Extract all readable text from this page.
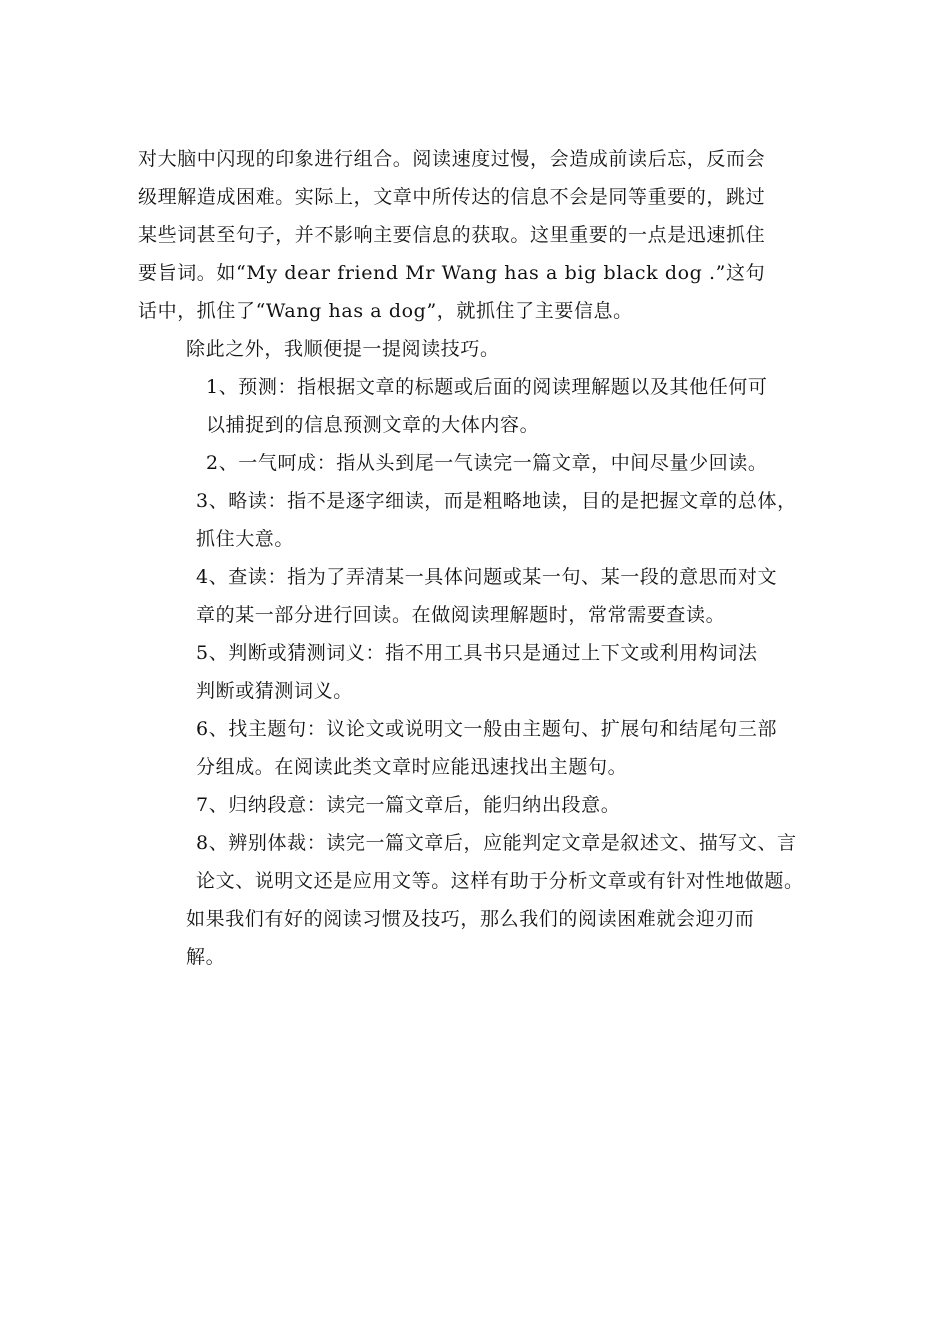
对大脑中闪现的印象进行组合。阅读速度过慢，会造成前读后忘，反而会
级理解造成困难。实际上，文章中所传达的信息不会是同等重要的，跳过
某些词甚至句子，并不影响主要信息的获取。这里重要的一点是迅速抓住
要旨词。如“My dear friend Mr Wang has a big black dog .”这句
话中，抓住了“Wang has a dog”，就抓住了主要信息。

除此之外，我顺便提一提阅读技巧。

1、预测：指根据文章的标题或后面的阅读理解题以及其他任何可
以捕捉到的信息预测文章的大体内容。

2、一气呵成：指从头到尾一气读完一篇文章，中间尽量少回读。

3、略读：指不是逐字细读，而是粗略地读，目的是把握文章的总体，
抓住大意。

4、查读：指为了弄清某一具体问题或某一句、某一段的意思而对文
章的某一部分进行回读。在做阅读理解题时，常常需要查读。

5、判断或猜测词义：指不用工具书只是通过上下文或利用构词法
判断或猜测词义。

6、找主题句：议论文或说明文一般由主题句、扩展句和结尾句三部
分组成。在阅读此类文章时应能迅速找出主题句。

7、归纳段意：读完一篇文章后，能归纳出段意。

8、辨别体裁：读完一篇文章后，应能判定文章是叙述文、描写文、言
论文、说明文还是应用文等。这样有助于分析文章或有针对性地做题。

如果我们有好的阅读习惯及技巧，那么我们的阅读困难就会迎刃而
解。
